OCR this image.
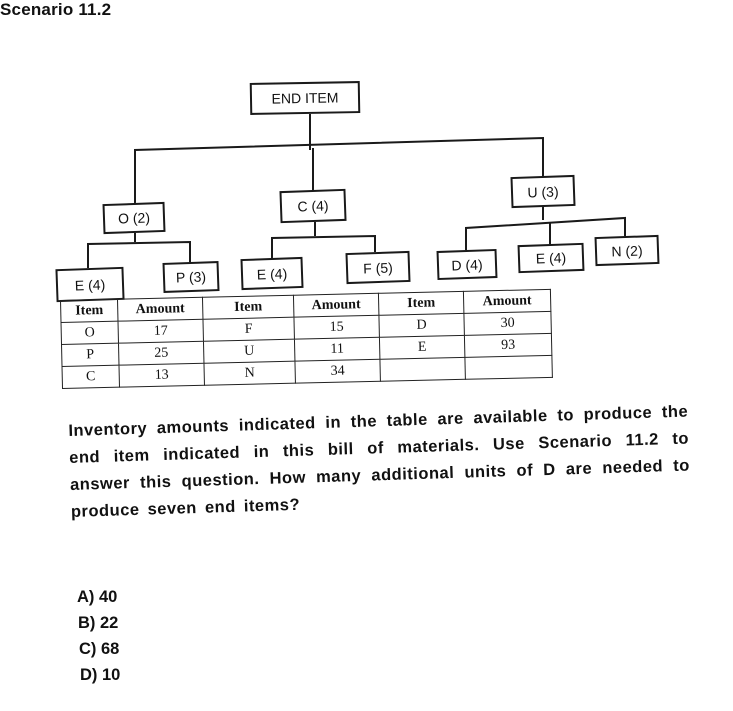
Scenario 11.2
END ITEM
O (2)
C (4)
U (3)
E (4)	P (3)	E (4)	F (5)	D (4)	E (4)	N (2)
Item	Amount	Item	Amount	Item	Amount
O	17	F	15	D	30
P	25	U	11	E	93
C	13	N	34		
Inventory amounts indicated in the table are available to produce the end item indicated in this bill of materials. Use Scenario 11.2 to answer this question. How many additional units of D are needed to produce seven end items?
A) 40
B) 22
C) 68
D) 10
